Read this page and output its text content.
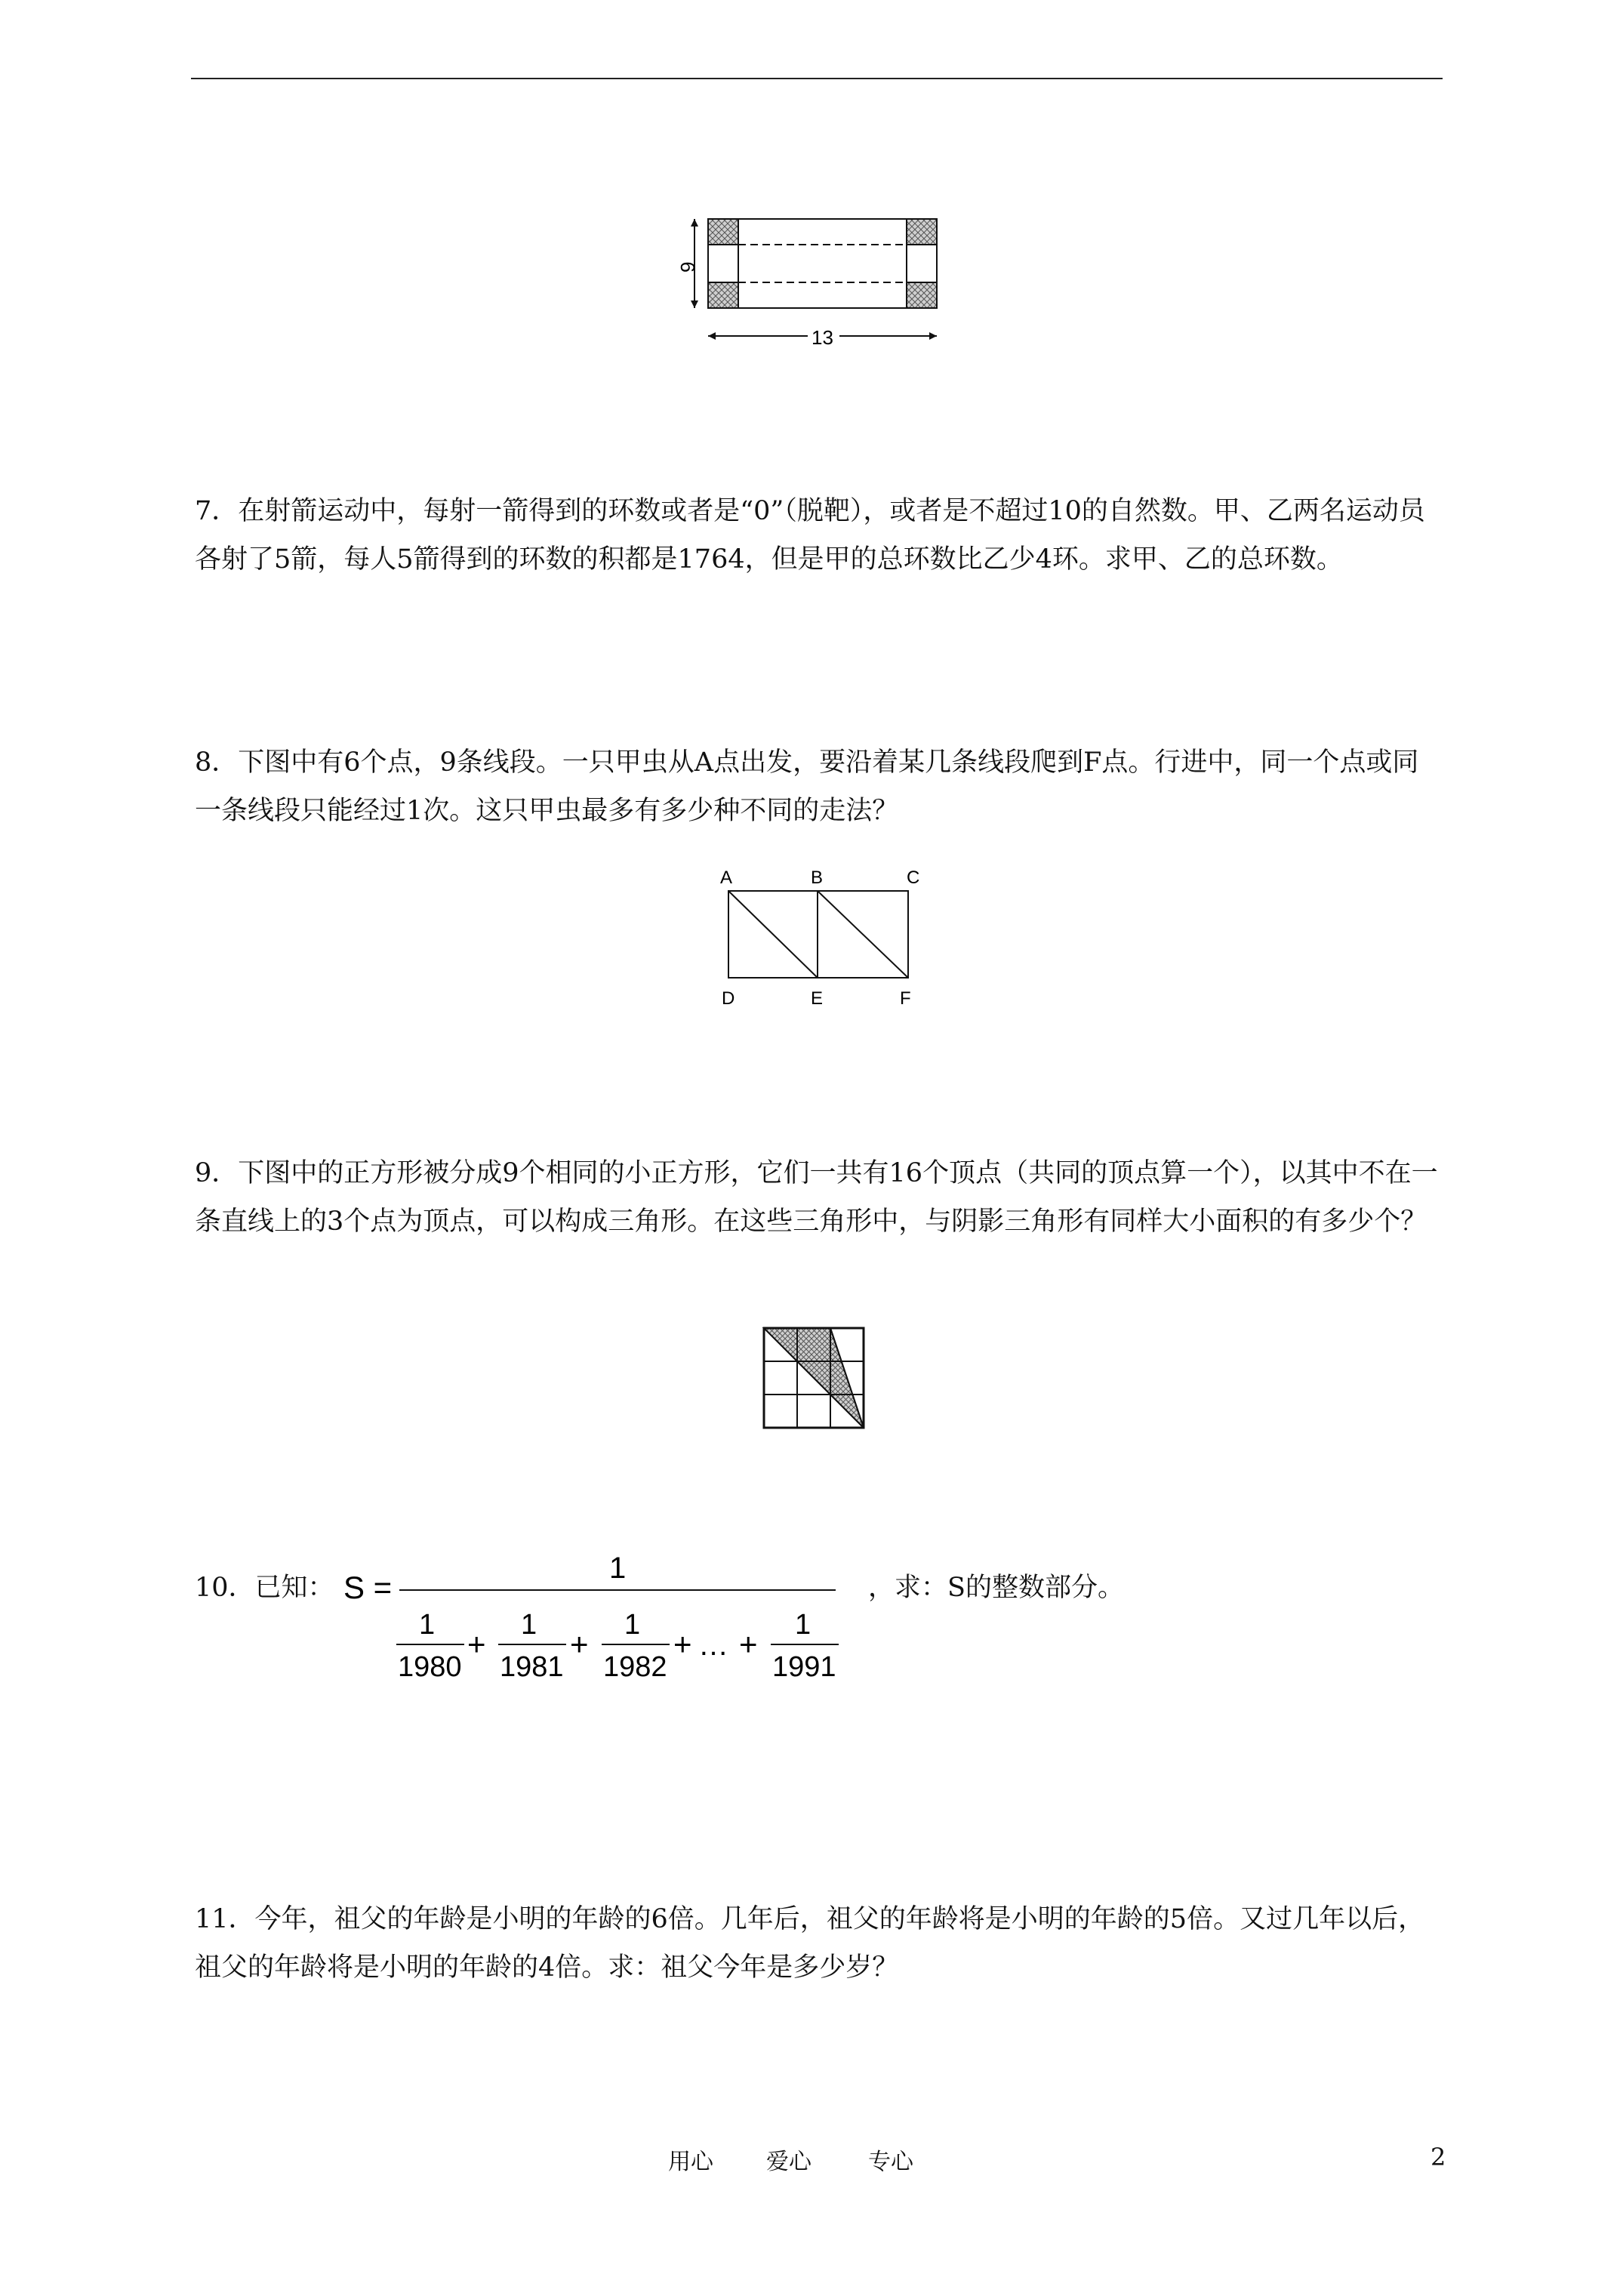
9
13

7．在射箭运动中，每射一箭得到的环数或者是“0”（脱靶），或者是不超过10的自然数。甲、乙两名运动员各射了5箭，每人5箭得到的环数的积都是1764，但是甲的总环数比乙少4环。求甲、乙的总环数。

8．下图中有6个点，9条线段。一只甲虫从A点出发，要沿着某几条线段爬到F点。行进中，同一个点或同一条线段只能经过1次。这只甲虫最多有多少种不同的走法？

A	B	C
D	E	F

9．下图中的正方形被分成9个相同的小正方形，它们一共有16个顶点（共同的顶点算一个），以其中不在一条直线上的3个点为顶点，可以构成三角形。在这些三角形中，与阴影三角形有同样大小面积的有多少个？

10．已知： S =
1
1
1980
+
1
1981
+
1
1982
+ … +
1
1991
，求：S的整数部分。

11．今年，祖父的年龄是小明的年龄的6倍。几年后，祖父的年龄将是小明的年龄的5倍。又过几年以后，祖父的年龄将是小明的年龄的4倍。求：祖父今年是多少岁？

用心 爱心	专心	2
